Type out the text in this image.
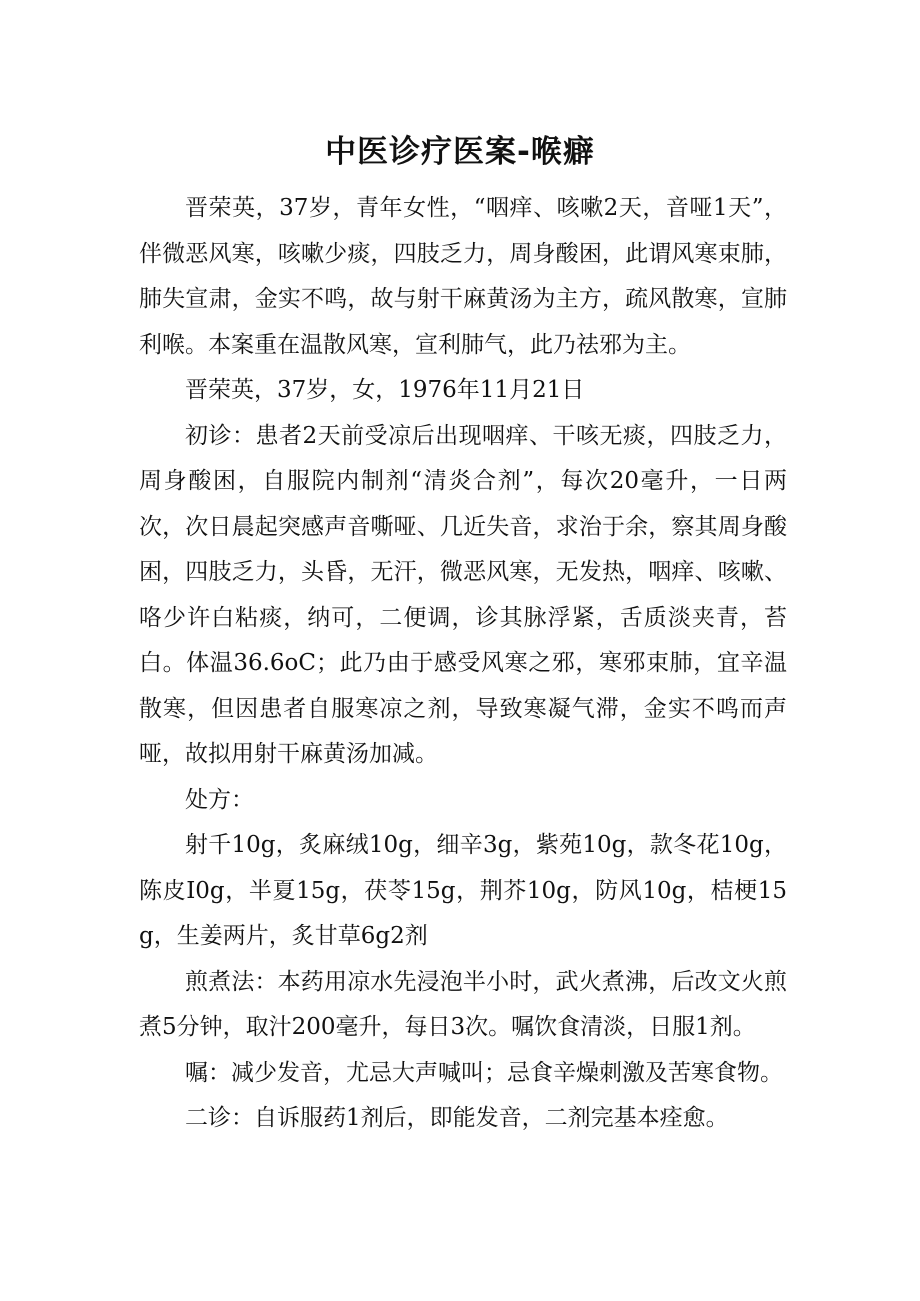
中医诊疗医案-喉癖

晋荣英，37岁，青年女性，“咽痒、咳嗽2天，音哑1天”，伴微恶风寒，咳嗽少痰，四肢乏力，周身酸困，此谓风寒束肺，肺失宣肃，金实不鸣，故与射干麻黄汤为主方，疏风散寒，宣肺利喉。本案重在温散风寒，宣利肺气，此乃祛邪为主。

晋荣英，37岁，女，1976年11月21日

初诊：患者2天前受凉后出现咽痒、干咳无痰，四肢乏力，周身酸困，自服院内制剂“清炎合剂”，每次20毫升，一日两次，次日晨起突感声音嘶哑、几近失音，求治于余，察其周身酸困，四肢乏力，头昏，无汗，微恶风寒，无发热，咽痒、咳嗽、咯少许白粘痰，纳可，二便调，诊其脉浮紧，舌质淡夹青，苔白。体温36.6oC；此乃由于感受风寒之邪，寒邪束肺，宜辛温散寒，但因患者自服寒凉之剂，导致寒凝气滞，金实不鸣而声哑，故拟用射干麻黄汤加减。

处方：

射千10g，炙麻绒10g，细辛3g，紫苑10g，款冬花10g，陈皮I0g，半夏15g，茯苓15g，荆芥10g，防风10g，桔梗15g，生姜两片，炙甘草6g2剂

煎煮法：本药用凉水先浸泡半小时，武火煮沸，后改文火煎煮5分钟，取汁200毫升，每日3次。嘱饮食清淡，日服1剂。

嘱：减少发音，尤忌大声喊叫；忌食辛燥刺激及苦寒食物。

二诊：自诉服药1剂后，即能发音，二剂完基本痊愈。
